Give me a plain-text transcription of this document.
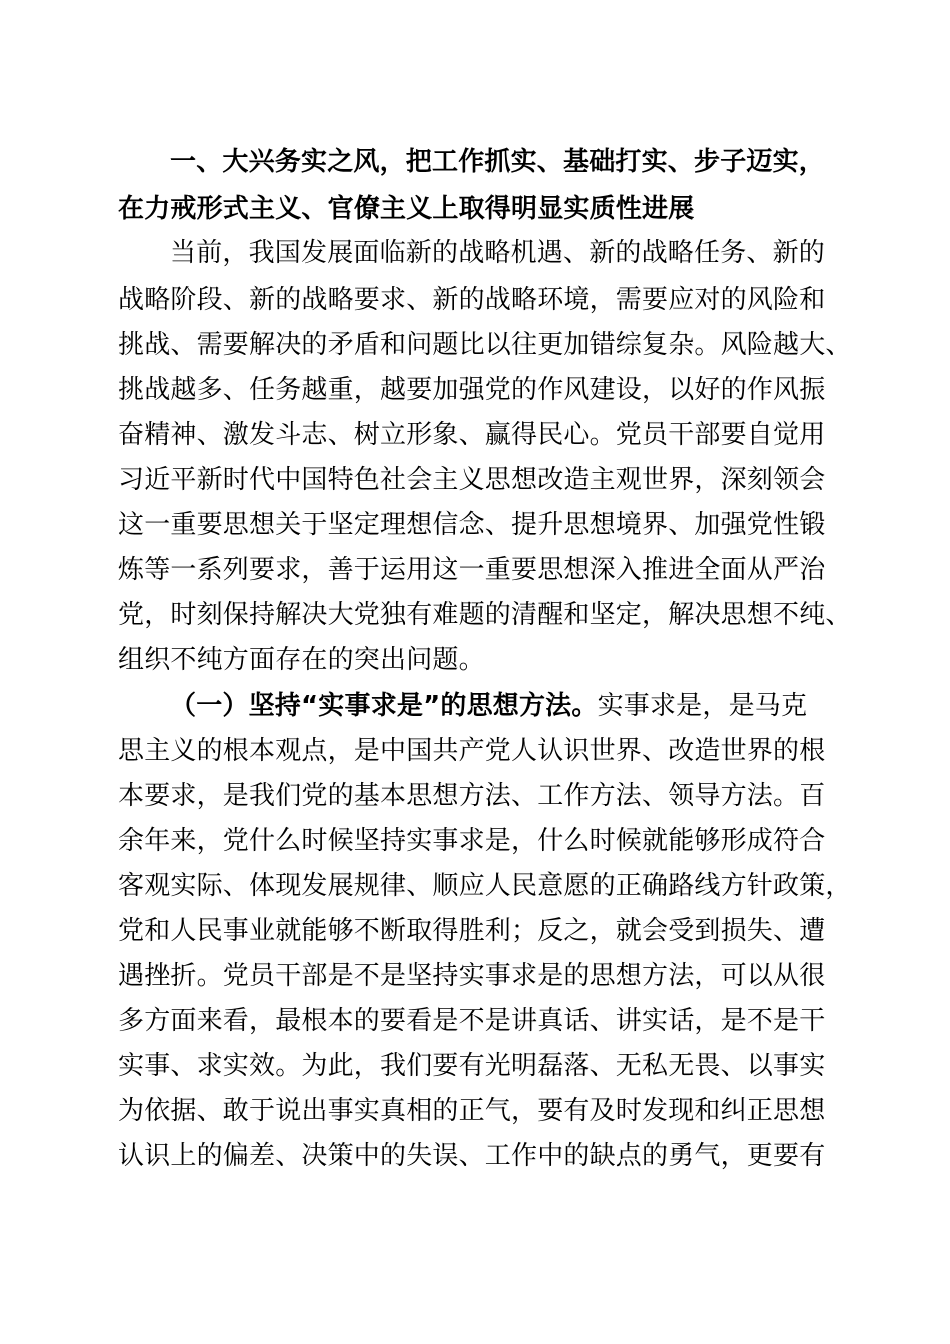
一、大兴务实之风，把工作抓实、基础打实、步子迈实，
在力戒形式主义、官僚主义上取得明显实质性进展
当前，我国发展面临新的战略机遇、新的战略任务、新的
战略阶段、新的战略要求、新的战略环境，需要应对的风险和
挑战、需要解决的矛盾和问题比以往更加错综复杂。风险越大、
挑战越多、任务越重，越要加强党的作风建设，以好的作风振
奋精神、激发斗志、树立形象、赢得民心。党员干部要自觉用
习近平新时代中国特色社会主义思想改造主观世界，深刻领会
这一重要思想关于坚定理想信念、提升思想境界、加强党性锻
炼等一系列要求，善于运用这一重要思想深入推进全面从严治
党，时刻保持解决大党独有难题的清醒和坚定，解决思想不纯、
组织不纯方面存在的突出问题。
（一）坚持“实事求是”的思想方法。实事求是，是马克
思主义的根本观点，是中国共产党人认识世界、改造世界的根
本要求，是我们党的基本思想方法、工作方法、领导方法。百
余年来，党什么时候坚持实事求是，什么时候就能够形成符合
客观实际、体现发展规律、顺应人民意愿的正确路线方针政策，
党和人民事业就能够不断取得胜利；反之，就会受到损失、遭
遇挫折。党员干部是不是坚持实事求是的思想方法，可以从很
多方面来看，最根本的要看是不是讲真话、讲实话，是不是干
实事、求实效。为此，我们要有光明磊落、无私无畏、以事实
为依据、敢于说出事实真相的正气，要有及时发现和纠正思想
认识上的偏差、决策中的失误、工作中的缺点的勇气，更要有
